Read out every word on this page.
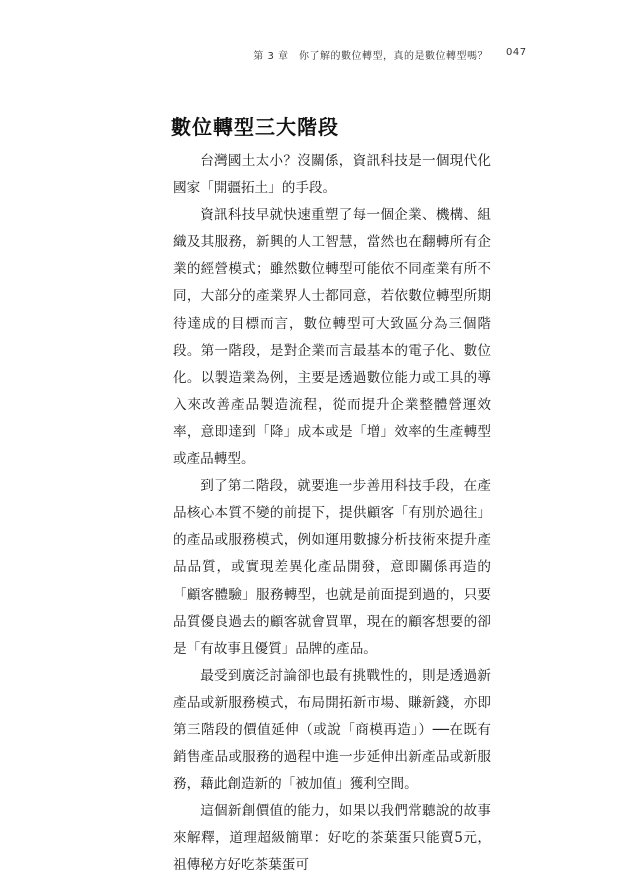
第 3 章　你了解的數位轉型，真的是數位轉型嗎？ 047
數位轉型三大階段

台灣國土太小？沒關係，資訊科技是一個現代化國家「開疆拓土」的手段。

資訊科技早就快速重塑了每一個企業、機構、組織及其服務，新興的人工智慧，當然也在翻轉所有企業的經營模式；雖然數位轉型可能依不同產業有所不同，大部分的產業界人士都同意，若依數位轉型所期待達成的目標而言，數位轉型可大致區分為三個階段。第一階段，是對企業而言最基本的電子化、數位化。以製造業為例，主要是透過數位能力或工具的導入來改善產品製造流程，從而提升企業整體營運效率，意即達到「降」成本或是「增」效率的生產轉型或產品轉型。

到了第二階段，就要進一步善用科技手段，在產品核心本質不變的前提下，提供顧客「有別於過往」的產品或服務模式，例如運用數據分析技術來提升產品品質，或實現差異化產品開發，意即關係再造的「顧客體驗」服務轉型，也就是前面提到過的，只要品質優良過去的顧客就會買單，現在的顧客想要的卻是「有故事且優質」品牌的產品。

最受到廣泛討論卻也最有挑戰性的，則是透過新產品或新服務模式，布局開拓新市場、賺新錢，亦即第三階段的價值延伸（或說「商模再造」）──在既有銷售產品或服務的過程中進一步延伸出新產品或新服務，藉此創造新的「被加值」獲利空間。

這個新創價值的能力，如果以我們常聽說的故事來解釋，道理超級簡單：好吃的茶葉蛋只能賣5元，祖傳秘方好吃茶葉蛋可
